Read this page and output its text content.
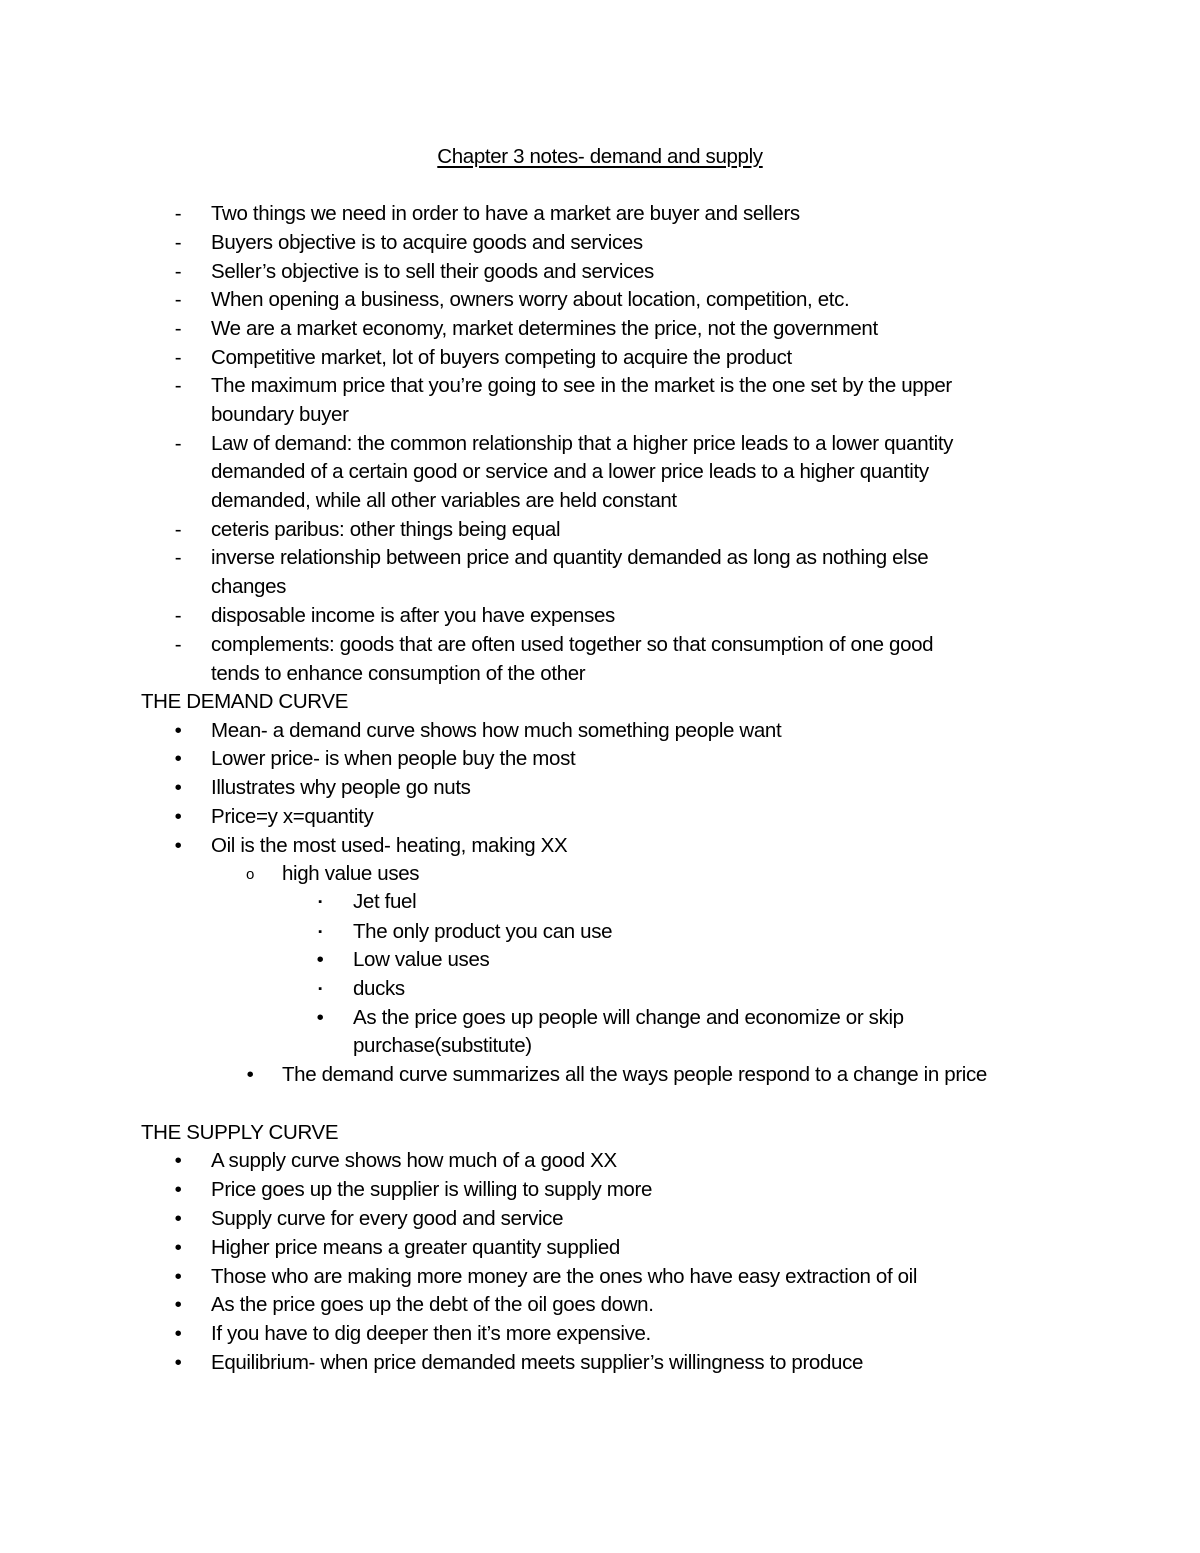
Chapter 3 notes- demand and supply
-	Two things we need in order to have a market are buyer and sellers
-	Buyers objective is to acquire goods and services
-	Seller’s objective is to sell their goods and services
-	When opening a business, owners worry about location, competition, etc.
-	We are a market economy, market determines the price, not the government
-	Competitive market, lot of buyers competing to acquire the product
-	The maximum price that you’re going to see in the market is the one set by the upper
boundary buyer
-	Law of demand: the common relationship that a higher price leads to a lower quantity
demanded of a certain good or service and a lower price leads to a higher quantity
demanded, while all other variables are held constant
-	ceteris paribus: other things being equal
-	inverse relationship between price and quantity demanded as long as nothing else
changes
-	disposable income is after you have expenses
-	complements: goods that are often used together so that consumption of one good
tends to enhance consumption of the other
THE DEMAND CURVE
•	Mean- a demand curve shows how much something people want
•	Lower price- is when people buy the most
•	Illustrates why people go nuts
•	Price=y x=quantity
•	Oil is the most used- heating, making XX
o high value uses
▪	Jet fuel
▪	The only product you can use
•	Low value uses
▪	ducks
•	As the price goes up people will change and economize or skip
purchase(substitute)
•	The demand curve summarizes all the ways people respond to a change in price
THE SUPPLY CURVE
•	A supply curve shows how much of a good XX
•	Price goes up the supplier is willing to supply more
•	Supply curve for every good and service
•	Higher price means a greater quantity supplied
•	Those who are making more money are the ones who have easy extraction of oil
•	As the price goes up the debt of the oil goes down.
•	If you have to dig deeper then it’s more expensive.
•	Equilibrium- when price demanded meets supplier’s willingness to produce
